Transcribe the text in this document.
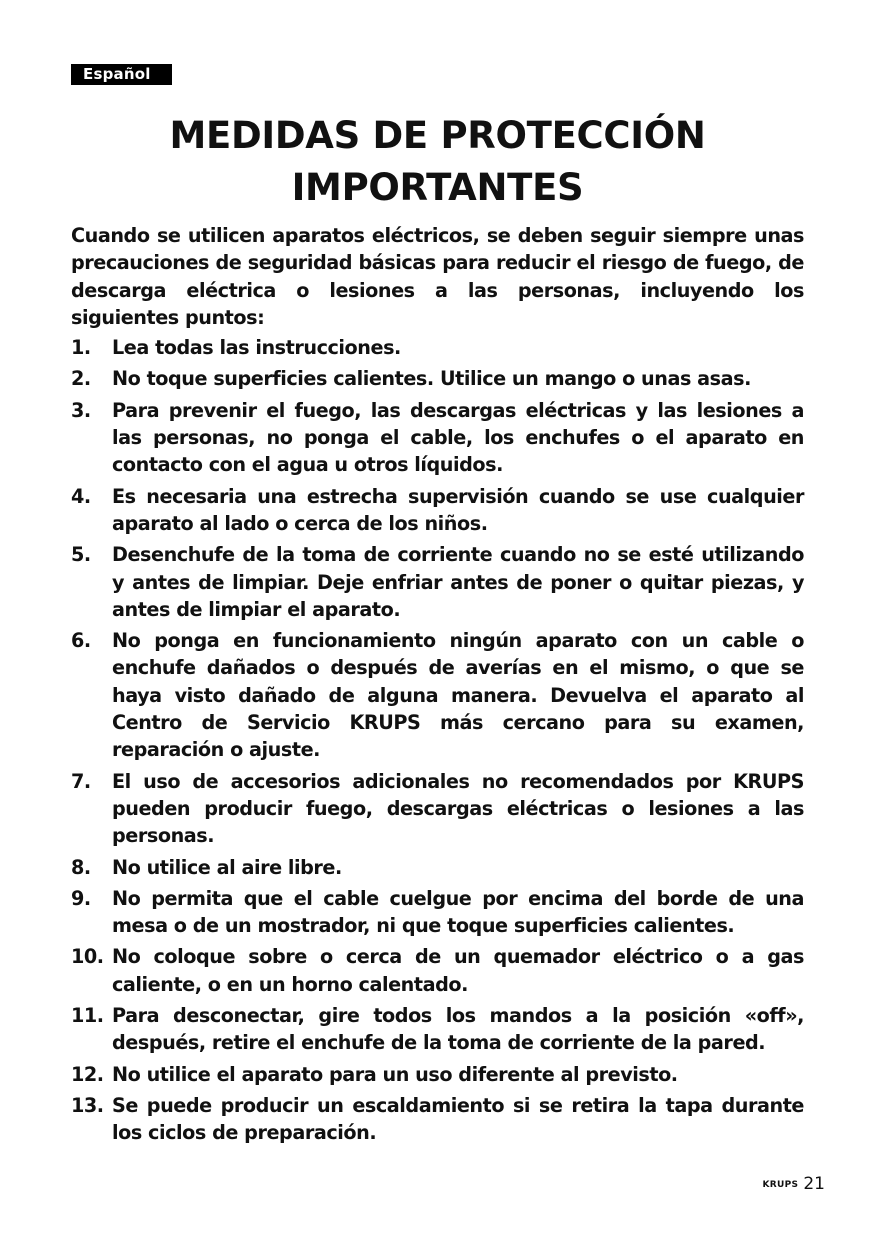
Español
MEDIDAS DE PROTECCIÓN
IMPORTANTES

Cuando se utilicen aparatos eléctricos, se deben seguir siempre unas precauciones de seguridad básicas para reducir el riesgo de fuego, de descarga eléctrica o lesiones a las personas, incluyendo los siguientes puntos:

1.	Lea todas las instrucciones.
2.	No toque superficies calientes. Utilice un mango o unas asas.
3.	Para prevenir el fuego, las descargas eléctricas y las lesiones a las personas, no ponga el cable, los enchufes o el aparato en contacto con el agua u otros líquidos.
4.	Es necesaria una estrecha supervisión cuando se use cualquier aparato al lado o cerca de los niños.
5.	Desenchufe de la toma de corriente cuando no se esté utilizando y antes de limpiar. Deje enfriar antes de poner o quitar piezas, y antes de limpiar el aparato.
6.	No ponga en funcionamiento ningún aparato con un cable o enchufe dañados o después de averías en el mismo, o que se haya visto dañado de alguna manera. Devuelva el aparato al Centro de Servicio KRUPS más cercano para su examen, reparación o ajuste.
7.	El uso de accesorios adicionales no recomendados por KRUPS pueden producir fuego, descargas eléctricas o lesiones a las personas.
8.	No utilice al aire libre.
9.	No permita que el cable cuelgue por encima del borde de una mesa o de un mostrador, ni que toque superficies calientes.
10. No coloque sobre o cerca de un quemador eléctrico o a gas caliente, o en un horno calentado.
11. Para desconectar, gire todos los mandos a la posición «off», después, retire el enchufe de la toma de corriente de la pared.
12. No utilice el aparato para un uso diferente al previsto.
13. Se puede producir un escaldamiento si se retira la tapa durante los ciclos de preparación.
KRUPS 21
